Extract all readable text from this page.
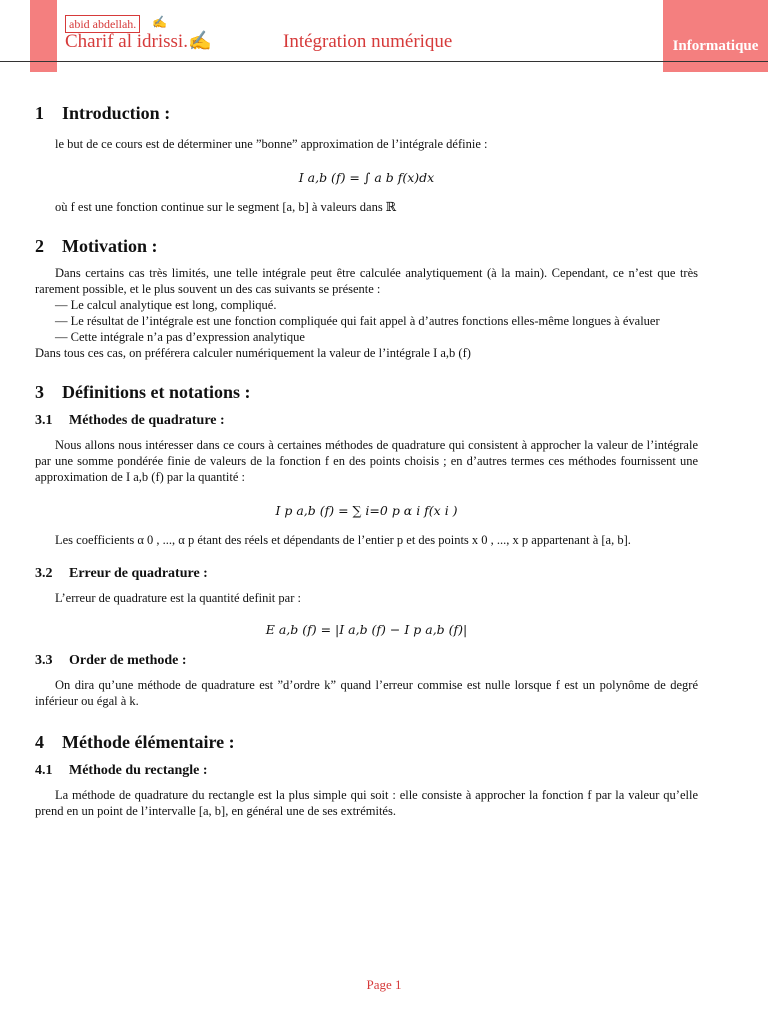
Informatique
abid abdellah.	✍
Charif al idrissi.✍	Intégration numérique
1 Introduction :

le but de ce cours est de déterminer une ”bonne” approximation de l’intégrale définie :

I a,b (f) = ∫ a b f(x)dx

où f est une fonction continue sur le segment [a, b] à valeurs dans ℝ

2 Motivation :

Dans certains cas très limités, une telle intégrale peut être calculée analytiquement (à la main). Cependant, ce n’est que très rarement possible, et le plus souvent un des cas suivants se présente :

— Le calcul analytique est long, compliqué.
— Le résultat de l’intégrale est une fonction compliquée qui fait appel à d’autres fonctions elles-même longues à évaluer
— Cette intégrale n’a pas d’expression analytique

Dans tous ces cas, on préférera calculer numériquement la valeur de l’intégrale I a,b (f)

3 Définitions et notations :
3.1 Méthodes de quadrature :

Nous allons nous intéresser dans ce cours à certaines méthodes de quadrature qui consistent à approcher la valeur de l’intégrale par une somme pondérée finie de valeurs de la fonction f en des points choisis ; en d’autres termes ces méthodes fournissent une approximation de I a,b (f) par la quantité :

I p a,b (f) = ∑ i=0 p α i f(x i )

Les coefficients α 0 , ..., α p étant des réels et dépendants de l’entier p et des points x 0 , ..., x p appartenant à [a, b].

3.2 Erreur de quadrature :

L’erreur de quadrature est la quantité definit par :

E a,b (f) = |I a,b (f) − I p a,b (f)|
3.3 Order de methode :

On dira qu’une méthode de quadrature est ”d’ordre k” quand l’erreur commise est nulle lorsque f est un polynôme de degré inférieur ou égal à k.

4 Méthode élémentaire :
4.1 Méthode du rectangle :

La méthode de quadrature du rectangle est la plus simple qui soit : elle consiste à approcher la fonction f par la valeur qu’elle prend en un point de l’intervalle [a, b], en général une de ses extrémités.

Page 1
